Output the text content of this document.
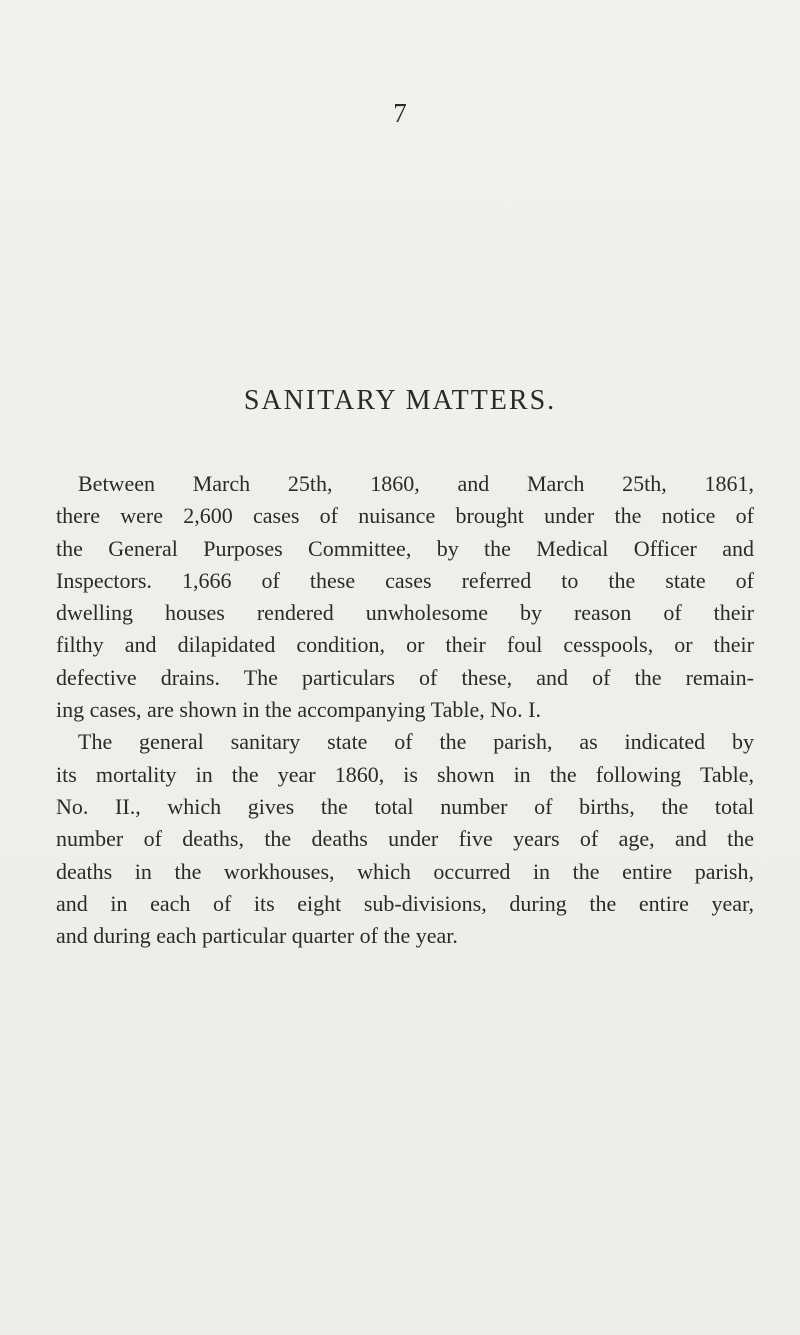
7
SANITARY MATTERS.
Between March 25th, 1860, and March 25th, 1861,
there were 2,600 cases of nuisance brought under the notice of
the General Purposes Committee, by the Medical Officer and
Inspectors. 1,666 of these cases referred to the state of
dwelling houses rendered unwholesome by reason of their
filthy and dilapidated condition, or their foul cesspools, or their
defective drains. The particulars of these, and of the remain-
ing cases, are shown in the accompanying Table, No. I.
The general sanitary state of the parish, as indicated by
its mortality in the year 1860, is shown in the following Table,
No. II., which gives the total number of births, the total
number of deaths, the deaths under five years of age, and the
deaths in the workhouses, which occurred in the entire parish,
and in each of its eight sub-divisions, during the entire year,
and during each particular quarter of the year.
